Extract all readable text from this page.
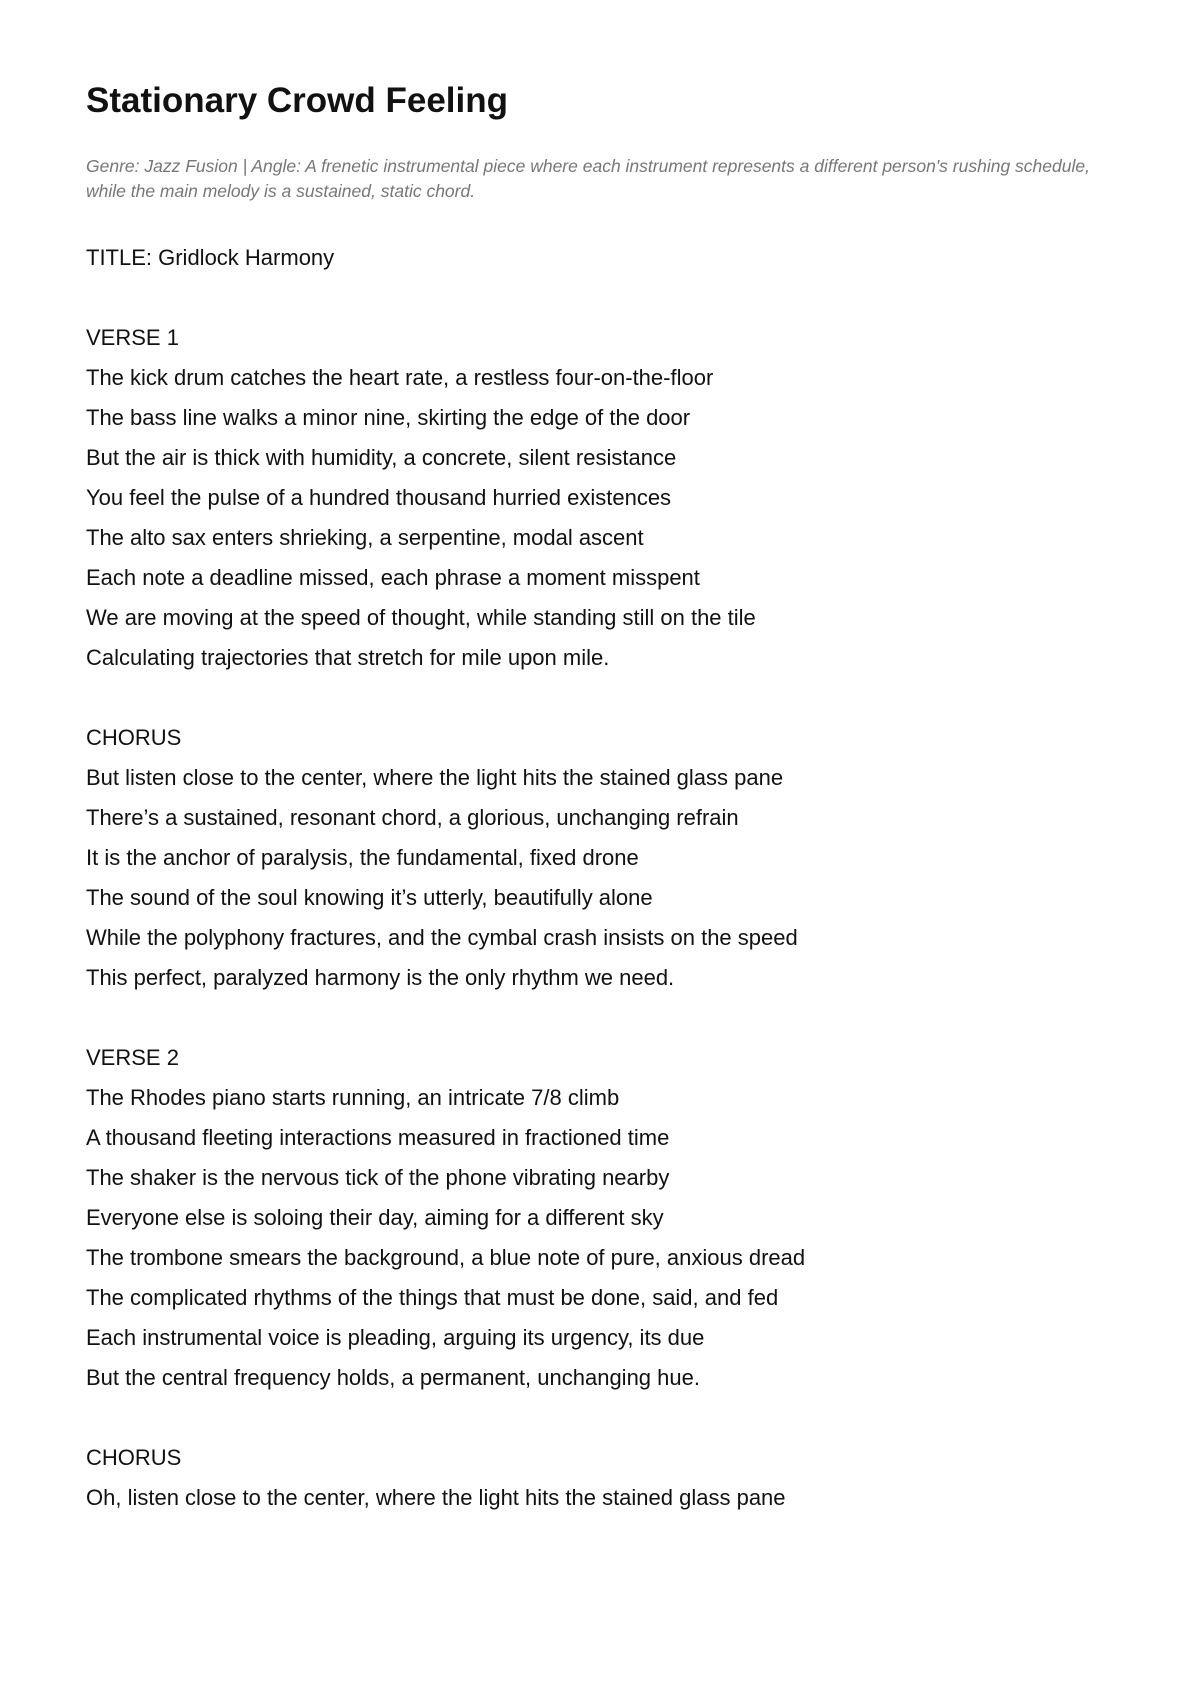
Stationary Crowd Feeling
Genre: Jazz Fusion | Angle: A frenetic instrumental piece where each instrument represents a different person's rushing schedule, while the main melody is a sustained, static chord.
TITLE: Gridlock Harmony
VERSE 1
The kick drum catches the heart rate, a restless four-on-the-floor
The bass line walks a minor nine, skirting the edge of the door
But the air is thick with humidity, a concrete, silent resistance
You feel the pulse of a hundred thousand hurried existences
The alto sax enters shrieking, a serpentine, modal ascent
Each note a deadline missed, each phrase a moment misspent
We are moving at the speed of thought, while standing still on the tile
Calculating trajectories that stretch for mile upon mile.
CHORUS
But listen close to the center, where the light hits the stained glass pane
There’s a sustained, resonant chord, a glorious, unchanging refrain
It is the anchor of paralysis, the fundamental, fixed drone
The sound of the soul knowing it’s utterly, beautifully alone
While the polyphony fractures, and the cymbal crash insists on the speed
This perfect, paralyzed harmony is the only rhythm we need.
VERSE 2
The Rhodes piano starts running, an intricate 7/8 climb
A thousand fleeting interactions measured in fractioned time
The shaker is the nervous tick of the phone vibrating nearby
Everyone else is soloing their day, aiming for a different sky
The trombone smears the background, a blue note of pure, anxious dread
The complicated rhythms of the things that must be done, said, and fed
Each instrumental voice is pleading, arguing its urgency, its due
But the central frequency holds, a permanent, unchanging hue.
CHORUS
Oh, listen close to the center, where the light hits the stained glass pane
